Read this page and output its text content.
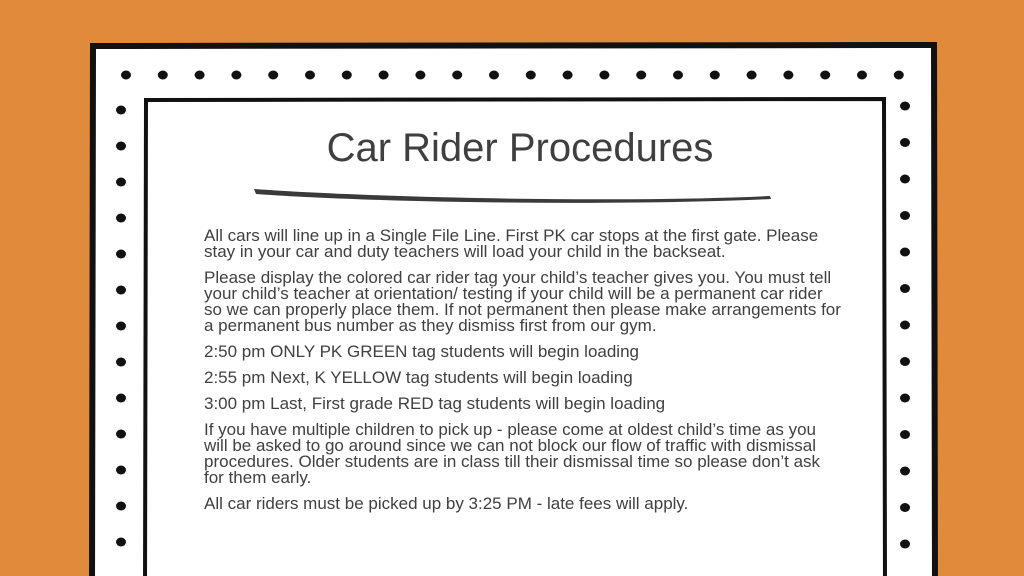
Car Rider Procedures

All cars will line up in a Single File Line. First PK car stops at the first gate. Please stay in your car and duty teachers will load your child in the backseat.

Please display the colored car rider tag your child’s teacher gives you. You must tell your child’s teacher at orientation/ testing if your child will be a permanent car rider so we can properly place them. If not permanent then please make arrangements for a permanent bus number as they dismiss first from our gym.

2:50 pm ONLY PK GREEN tag students will begin loading

2:55 pm Next, K YELLOW tag students will begin loading

3:00 pm Last, First grade RED tag students will begin loading

If you have multiple children to pick up - please come at oldest child’s time as you will be asked to go around since we can not block our flow of traffic with dismissal procedures. Older students are in class till their dismissal time so please don’t ask for them early.

All car riders must be picked up by 3:25 PM - late fees will apply.
